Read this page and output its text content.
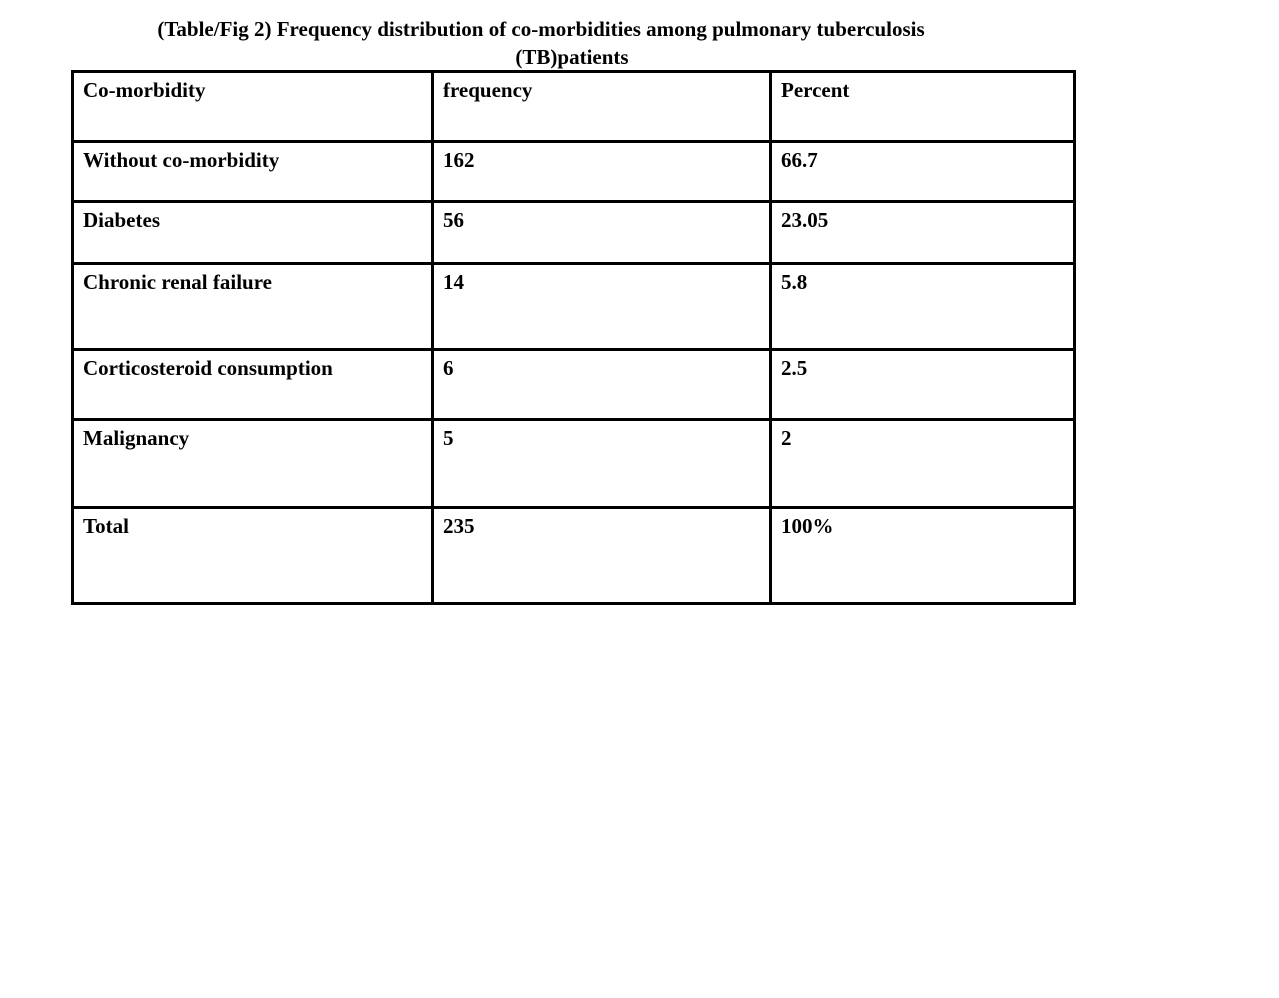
(Table/Fig 2) Frequency distribution of co-morbidities among pulmonary tuberculosis
(TB)patients
Co-morbidity	frequency	Percent
Without co-morbidity	162	66.7
Diabetes	56	23.05
Chronic renal failure	14	5.8
Corticosteroid consumption	6	2.5
Malignancy	5	2
Total	235	100%
